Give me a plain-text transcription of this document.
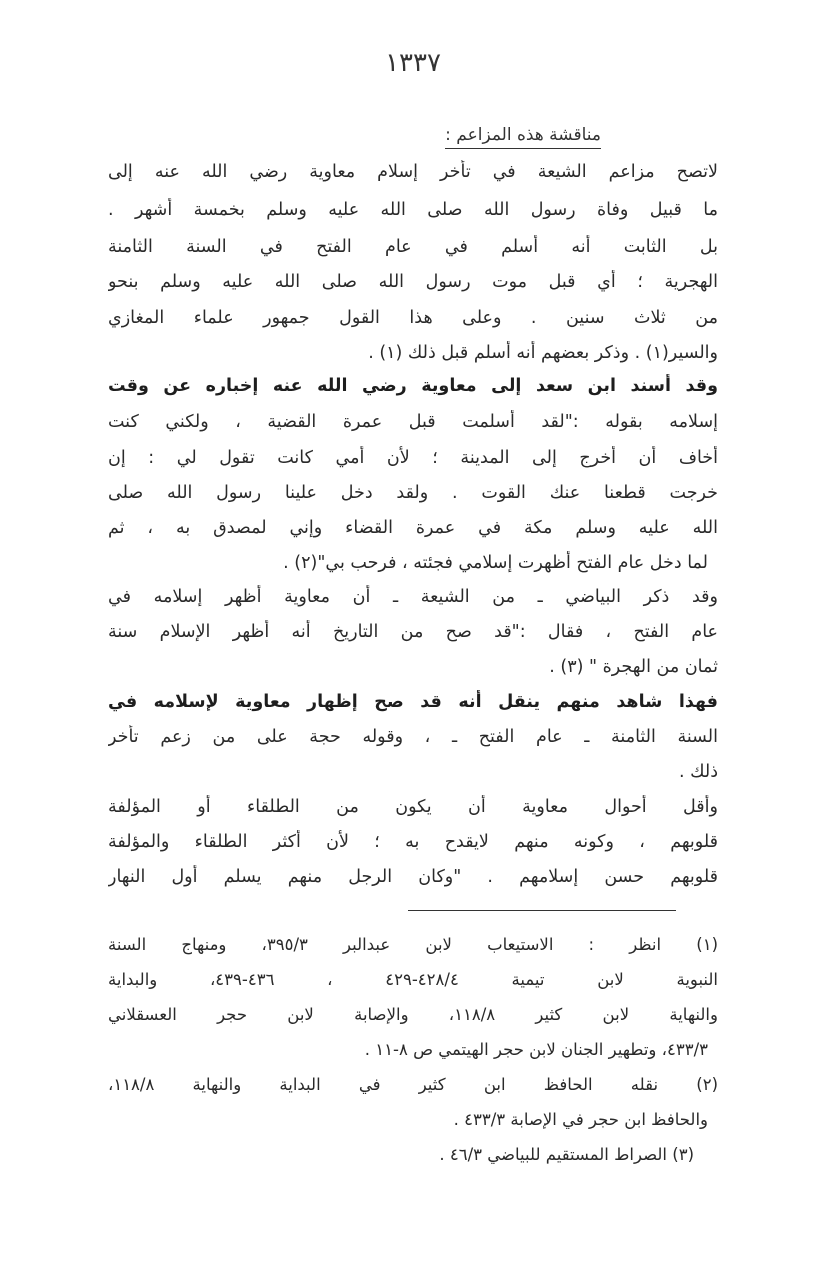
١٣٣٧
مناقشة هذه المزاعم :
لاتصح مزاعم الشيعة في تأخر إسلام معاوية رضي الله عنه إلى
ما قبيل وفاة رسول الله صلى الله عليه وسلم بخمسة أشهر .
بل الثابت أنه أسلم في عام الفتح في السنة الثامنة
الهجرية ؛ أي قبل موت رسول الله صلى الله عليه وسلم بنحو
من ثلاث سنين . وعلى هذا القول جمهور علماء المغازي
والسير(١) . وذكر بعضهم أنه أسلم قبل ذلك (١) .
وقد أسند ابن سعد إلى معاوية رضي الله عنه إخباره عن وقت
إسلامه بقوله :"لقد أسلمت قبل عمرة القضية ، ولكني كنت
أخاف أن أخرج إلى المدينة ؛ لأن أمي كانت تقول لي : إن
خرجت قطعنا عنك القوت . ولقد دخل علينا رسول الله صلى
الله عليه وسلم مكة في عمرة القضاء وإني لمصدق به ، ثم
لما دخل عام الفتح أظهرت إسلامي فجئته ، فرحب بي"(٢) .
وقد ذكر البياضي ـ من الشيعة ـ أن معاوية أظهر إسلامه في
عام الفتح ، فقال :"قد صح من التاريخ أنه أظهر الإسلام سنة
ثمان من الهجرة " (٣) .
فهذا شاهد منهم ينقل أنه قد صح إظهار معاوية لإسلامه في
السنة الثامنة ـ عام الفتح ـ ، وقوله حجة على من زعم تأخر
ذلك .
وأقل أحوال معاوية أن يكون من الطلقاء أو المؤلفة
قلوبهم ، وكونه منهم لايقدح به ؛ لأن أكثر الطلقاء والمؤلفة
قلوبهم حسن إسلامهم . "وكان الرجل منهم يسلم أول النهار
(١) انظر : الاستيعاب لابن عبدالبر ٣٩٥/٣، ومنهاج السنة
النبوية لابن تيمية ٤٢٨/٤-٤٢٩ ، ٤٣٦-٤٣٩، والبداية
والنهاية لابن كثير ١١٨/٨، والإصابة لابن حجر العسقلاني
٤٣٣/٣، وتطهير الجنان لابن حجر الهيتمي ص ٨-١١ .
(٢) نقله الحافظ ابن كثير في البداية والنهاية ١١٨/٨،
والحافظ ابن حجر في الإصابة ٤٣٣/٣ .
(٣) الصراط المستقيم للبياضي ٤٦/٣ .
